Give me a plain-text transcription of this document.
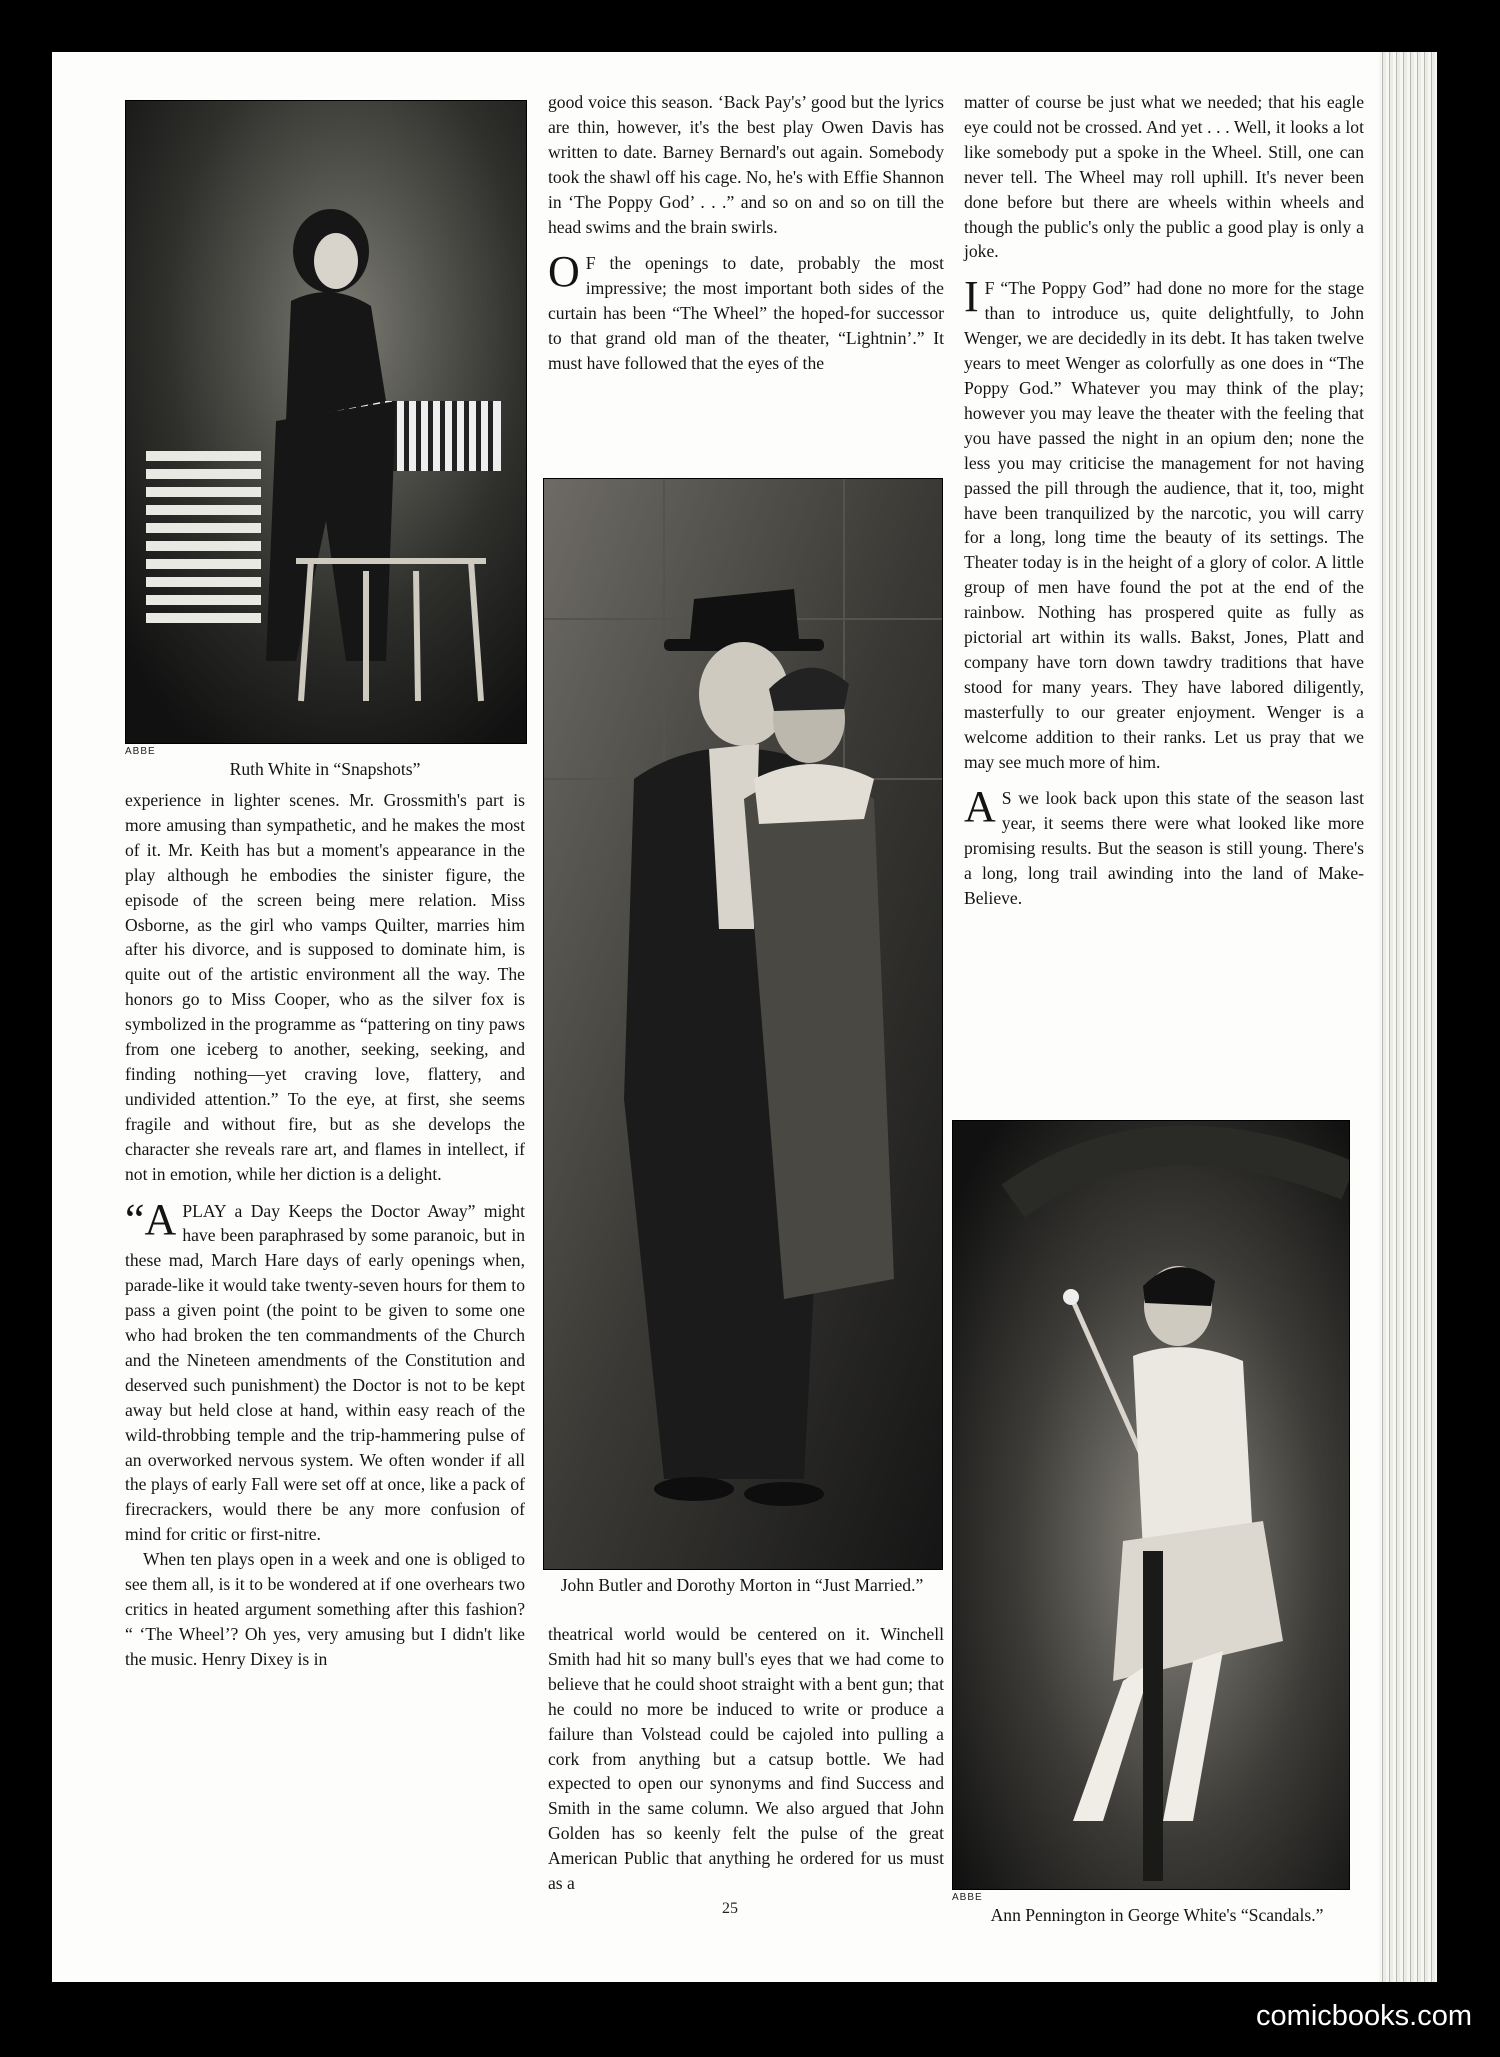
ABBE
Ruth White in “Snapshots”

experience in lighter scenes. Mr. Grossmith's part is more amusing than sympathetic, and he makes the most of it. Mr. Keith has but a moment's appearance in the play although he embodies the sinister figure, the episode of the screen being mere relation. Miss Osborne, as the girl who vamps Quilter, marries him after his divorce, and is supposed to dominate him, is quite out of the artistic environment all the way. The honors go to Miss Cooper, who as the silver fox is symbolized in the programme as “pattering on tiny paws from one iceberg to another, seeking, seeking, and finding nothing—yet craving love, flattery, and undivided attention.” To the eye, at first, she seems fragile and without fire, but as she develops the character she reveals rare art, and flames in intellect, if not in emotion, while her diction is a delight.

“A PLAY a Day Keeps the Doctor Away” might have been paraphrased by some paranoic, but in these mad, March Hare days of early openings when, parade-like it would take twenty-seven hours for them to pass a given point (the point to be given to some one who had broken the ten commandments of the Church and the Nineteen amendments of the Constitution and deserved such punishment) the Doctor is not to be kept away but held close at hand, within easy reach of the wild-throbbing temple and the trip-hammering pulse of an overworked nervous system. We often wonder if all the plays of early Fall were set off at once, like a pack of firecrackers, would there be any more confusion of mind for critic or first-nitre.

When ten plays open in a week and one is obliged to see them all, is it to be wondered at if one overhears two critics in heated argument something after this fashion? “ ‘The Wheel’? Oh yes, very amusing but I didn't like the music. Henry Dixey is in

good voice this season. ‘Back Pay's’ good but the lyrics are thin, however, it's the best play Owen Davis has written to date. Barney Bernard's out again. Somebody took the shawl off his cage. No, he's with Effie Shannon in ‘The Poppy God’ . . .” and so on and so on till the head swims and the brain swirls.

O F the openings to date, probably the most impressive; the most important both sides of the curtain has been “The Wheel” the hoped-for successor to that grand old man of the theater, “Lightnin’.” It must have followed that the eyes of the

John Butler and Dorothy Morton in “Just Married.”

theatrical world would be centered on it. Winchell Smith had hit so many bull's eyes that we had come to believe that he could shoot straight with a bent gun; that he could no more be induced to write or produce a failure than Volstead could be cajoled into pulling a cork from anything but a catsup bottle. We had expected to open our synonyms and find Success and Smith in the same column. We also argued that John Golden has so keenly felt the pulse of the great American Public that anything he ordered for us must as a

matter of course be just what we needed; that his eagle eye could not be crossed. And yet . . . Well, it looks a lot like somebody put a spoke in the Wheel. Still, one can never tell. The Wheel may roll uphill. It's never been done before but there are wheels within wheels and though the public's only the public a good play is only a joke.

I F “The Poppy God” had done no more for the stage than to introduce us, quite delightfully, to John Wenger, we are decidedly in its debt. It has taken twelve years to meet Wenger as colorfully as one does in “The Poppy God.” Whatever you may think of the play; however you may leave the theater with the feeling that you have passed the night in an opium den; none the less you may criticise the management for not having passed the pill through the audience, that it, too, might have been tranquilized by the narcotic, you will carry for a long, long time the beauty of its settings. The Theater today is in the height of a glory of color. A little group of men have found the pot at the end of the rainbow. Nothing has prospered quite as fully as pictorial art within its walls. Bakst, Jones, Platt and company have torn down tawdry traditions that have stood for many years. They have labored diligently, masterfully to our greater enjoyment. Wenger is a welcome addition to their ranks. Let us pray that we may see much more of him.

A S we look back upon this state of the season last year, it seems there were what looked like more promising results. But the season is still young. There's a long, long trail awinding into the land of Make-Believe.

ABBE
Ann Pennington in George White's “Scandals.”
25
comicbooks.com
